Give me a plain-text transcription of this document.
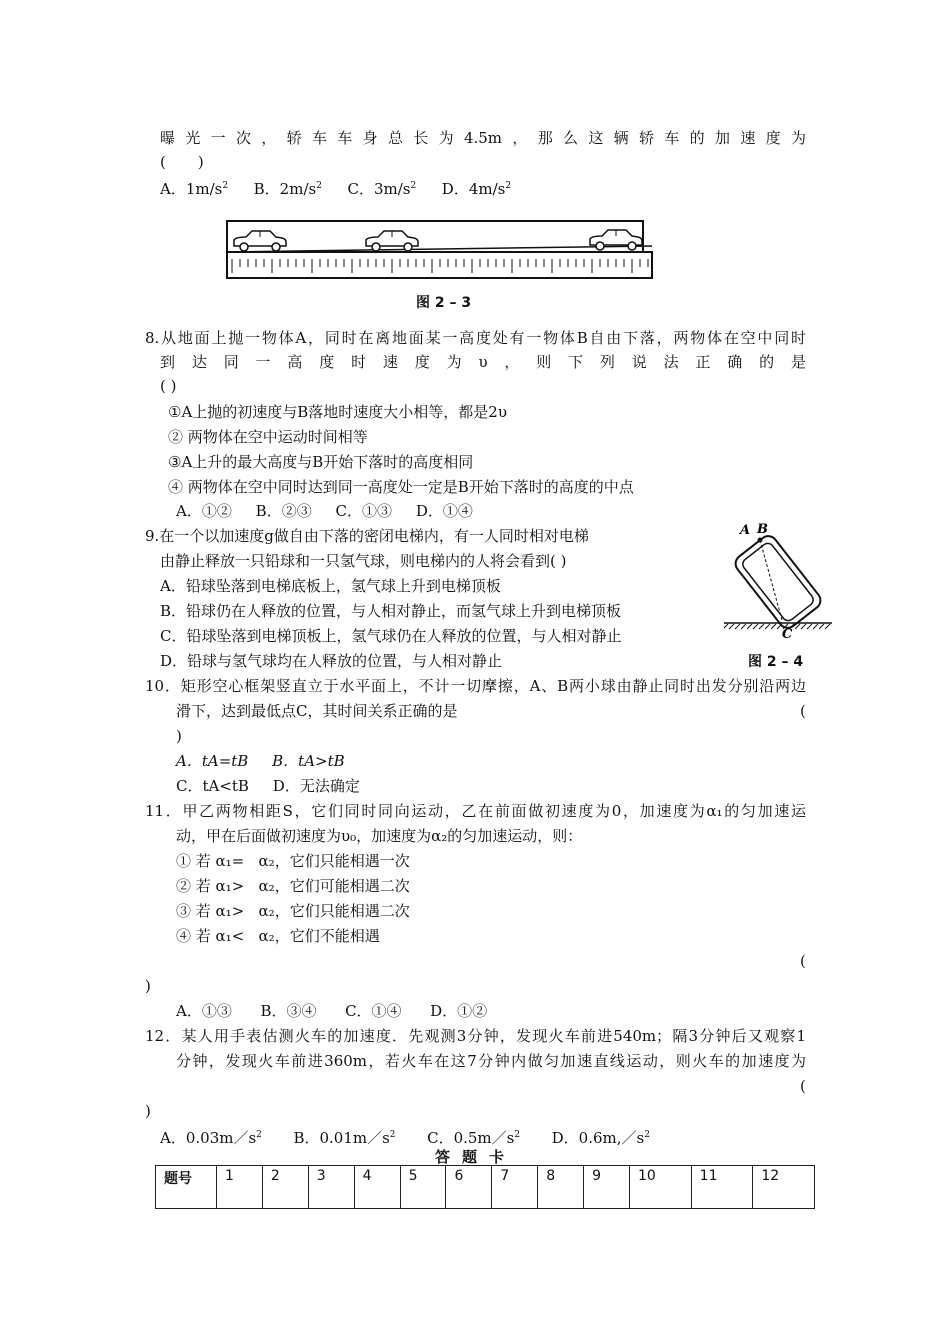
曝光一次，轿车车身总长为4.5m，那么这辆轿车的加速度为
( )
A．$1m/s^2$ B．$2m/s^2$ C．$3m/s^2$ D．$4m/s^2$
图 2 – 3
8.从地面上抛一物体A，同时在离地面某一高度处有一物体B自由下落，两物体在空中同时
到达同一高度时速度为υ，则下列说法正确的是
( )
①A上抛的初速度与B落地时速度大小相等，都是2υ
② 两物体在空中运动时间相等
③A上升的最大高度与B开始下落时的高度相同
④ 两物体在空中同时达到同一高度处一定是B开始下落时的高度的中点
A．①②     B．②③     C．①③     D．①④
9.在一个以加速度g做自由下落的密闭电梯内，有一人同时相对电梯
由静止释放一只铅球和一只氢气球，则电梯内的人将会看到( )
A．铅球坠落到电梯底板上，氢气球上升到电梯顶板
B．铅球仍在人释放的位置，与人相对静止，而氢气球上升到电梯顶板
C．铅球坠落到电梯顶板上，氢气球仍在人释放的位置，与人相对静止
D．铅球与氢气球均在人释放的位置，与人相对静止
A B
C
图 2 – 4
10．矩形空心框架竖直立于水平面上，不计一切摩擦，A、B两小球由静止同时出发分别沿两边
滑下，达到最低点C，其时间关系正确的是	(
)
A．tA=tB     B．tA>tB
C．tA<tB     D．无法确定
11．甲乙两物相距S，它们同时同向运动，乙在前面做初速度为0，加速度为α₁的匀加速运
动，甲在后面做初速度为υ₀，加速度为α₂的匀加速运动，则：
① 若 α₁=   α₂，它们只能相遇一次
② 若 α₁>   α₂，它们可能相遇二次
③ 若 α₁>   α₂，它们只能相遇二次
④ 若 α₁<   α₂，它们不能相遇
(
)
A．①③      B．③④      C．①④      D．①②
12．某人用手表估测火车的加速度．先观测3分钟，发现火车前进540m；隔3分钟后又观察1
分钟，发现火车前进360m，若火车在这7分钟内做匀加速直线运动，则火车的加速度为
(
)
A．$0.03m/s^2$ B．$0.01m/s^2$ C．$0.5m/s^2$ D．$0.6m,/s^2$
答题卡
题号	1	2	3	4	5	6	7	8	9	10	11	12
